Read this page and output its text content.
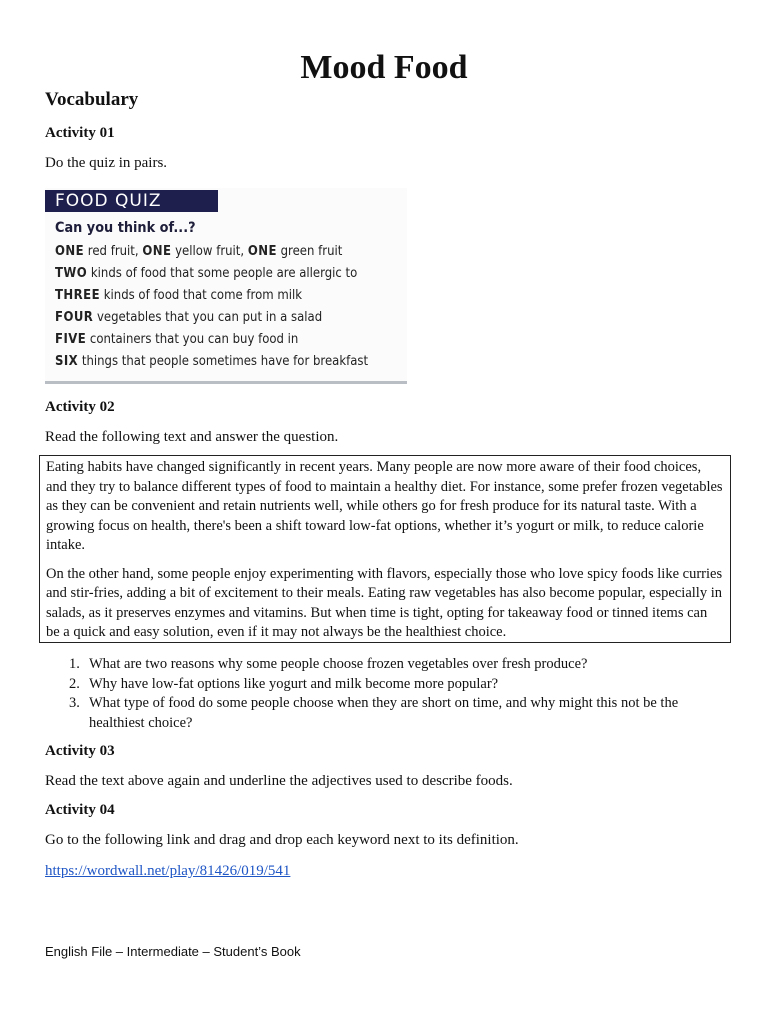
Mood Food
Vocabulary
Activity 01
Do the quiz in pairs.
FOOD QUIZ
Can you think of...?
ONE red fruit, ONE yellow fruit, ONE green fruit
TWO kinds of food that some people are allergic to
THREE kinds of food that come from milk
FOUR vegetables that you can put in a salad
FIVE containers that you can buy food in
SIX things that people sometimes have for breakfast
Activity 02
Read the following text and answer the question.

Eating habits have changed significantly in recent years. Many people are now more aware of their food choices, and they try to balance different types of food to maintain a healthy diet. For instance, some prefer frozen vegetables as they can be convenient and retain nutrients well, while others go for fresh produce for its natural taste. With a growing focus on health, there's been a shift toward low-fat options, whether it’s yogurt or milk, to reduce calorie intake.

On the other hand, some people enjoy experimenting with flavors, especially those who love spicy foods like curries and stir-fries, adding a bit of excitement to their meals. Eating raw vegetables has also become popular, especially in salads, as it preserves enzymes and vitamins. But when time is tight, opting for takeaway food or tinned items can be a quick and easy solution, even if it may not always be the healthiest choice.

1. What are two reasons why some people choose frozen vegetables over fresh produce?
2. Why have low-fat options like yogurt and milk become more popular?
3. What type of food do some people choose when they are short on time, and why might this not be the healthiest choice?
Activity 03
Read the text above again and underline the adjectives used to describe foods.
Activity 04
Go to the following link and drag and drop each keyword next to its definition.
https://wordwall.net/play/81426/019/541
English File – Intermediate – Student’s Book
